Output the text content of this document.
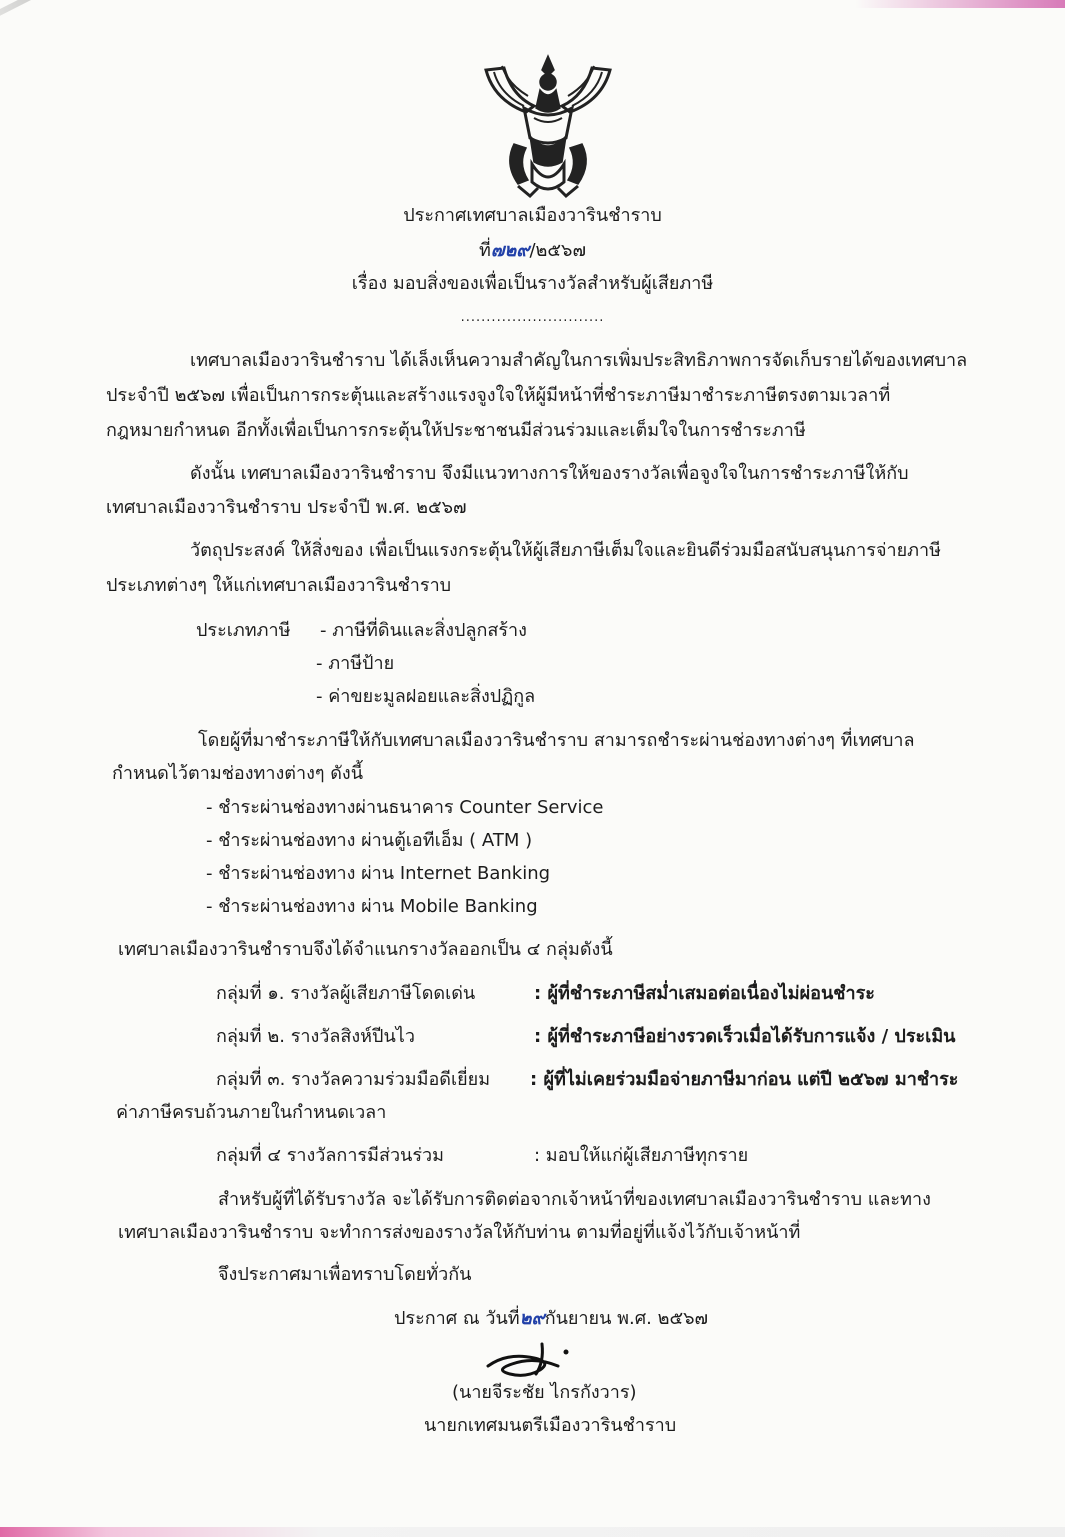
ประกาศเทศบาลเมืองวารินชำราบ
ที่๗๒๙/๒๕๖๗
เรื่อง มอบสิ่งของเพื่อเป็นรางวัลสำหรับผู้เสียภาษี
............................
เทศบาลเมืองวารินชำราบ ได้เล็งเห็นความสำคัญในการเพิ่มประสิทธิภาพการจัดเก็บรายได้ของเทศบาล
ประจำปี ๒๕๖๗ เพื่อเป็นการกระตุ้นและสร้างแรงจูงใจให้ผู้มีหน้าที่ชำระภาษีมาชำระภาษีตรงตามเวลาที่
กฎหมายกำหนด อีกทั้งเพื่อเป็นการกระตุ้นให้ประชาชนมีส่วนร่วมและเต็มใจในการชำระภาษี
ดังนั้น เทศบาลเมืองวารินชำราบ จึงมีแนวทางการให้ของรางวัลเพื่อจูงใจในการชำระภาษีให้กับ
เทศบาลเมืองวารินชำราบ ประจำปี พ.ศ. ๒๕๖๗
วัตถุประสงค์ ให้สิ่งของ เพื่อเป็นแรงกระตุ้นให้ผู้เสียภาษีเต็มใจและยินดีร่วมมือสนับสนุนการจ่ายภาษี
ประเภทต่างๆ ให้แก่เทศบาลเมืองวารินชำราบ
ประเภทภาษี - ภาษีที่ดินและสิ่งปลูกสร้าง
- ภาษีป้าย
- ค่าขยะมูลฝอยและสิ่งปฏิกูล
โดยผู้ที่มาชำระภาษีให้กับเทศบาลเมืองวารินชำราบ สามารถชำระผ่านช่องทางต่างๆ ที่เทศบาล
กำหนดไว้ตามช่องทางต่างๆ ดังนี้
- ชำระผ่านช่องทางผ่านธนาคาร Counter Service
- ชำระผ่านช่องทาง ผ่านตู้เอทีเอ็ม ( ATM )
- ชำระผ่านช่องทาง ผ่าน Internet Banking
- ชำระผ่านช่องทาง ผ่าน Mobile Banking
เทศบาลเมืองวารินชำราบจึงได้จำแนกรางวัลออกเป็น ๔ กลุ่มดังนี้
กลุ่มที่ ๑. รางวัลผู้เสียภาษีโดดเด่น	: ผู้ที่ชำระภาษีสม่ำเสมอต่อเนื่องไม่ผ่อนชำระ
กลุ่มที่ ๒. รางวัลสิงห์ปีนไว	: ผู้ที่ชำระภาษีอย่างรวดเร็วเมื่อได้รับการแจ้ง / ประเมิน
กลุ่มที่ ๓. รางวัลความร่วมมือดีเยี่ยม : ผู้ที่ไม่เคยร่วมมือจ่ายภาษีมาก่อน แต่ปี ๒๕๖๗ มาชำระ
ค่าภาษีครบถ้วนภายในกำหนดเวลา
กลุ่มที่ ๔ รางวัลการมีส่วนร่วม	: มอบให้แก่ผู้เสียภาษีทุกราย
สำหรับผู้ที่ได้รับรางวัล จะได้รับการติดต่อจากเจ้าหน้าที่ของเทศบาลเมืองวารินชำราบ และทาง
เทศบาลเมืองวารินชำราบ จะทำการส่งของรางวัลให้กับท่าน ตามที่อยู่ที่แจ้งไว้กับเจ้าหน้าที่
จึงประกาศมาเพื่อทราบโดยทั่วกัน
ประกาศ ณ วันที่๒๙กันยายน พ.ศ. ๒๕๖๗
(นายจีระชัย ไกรกังวาร)
นายกเทศมนตรีเมืองวารินชำราบ
